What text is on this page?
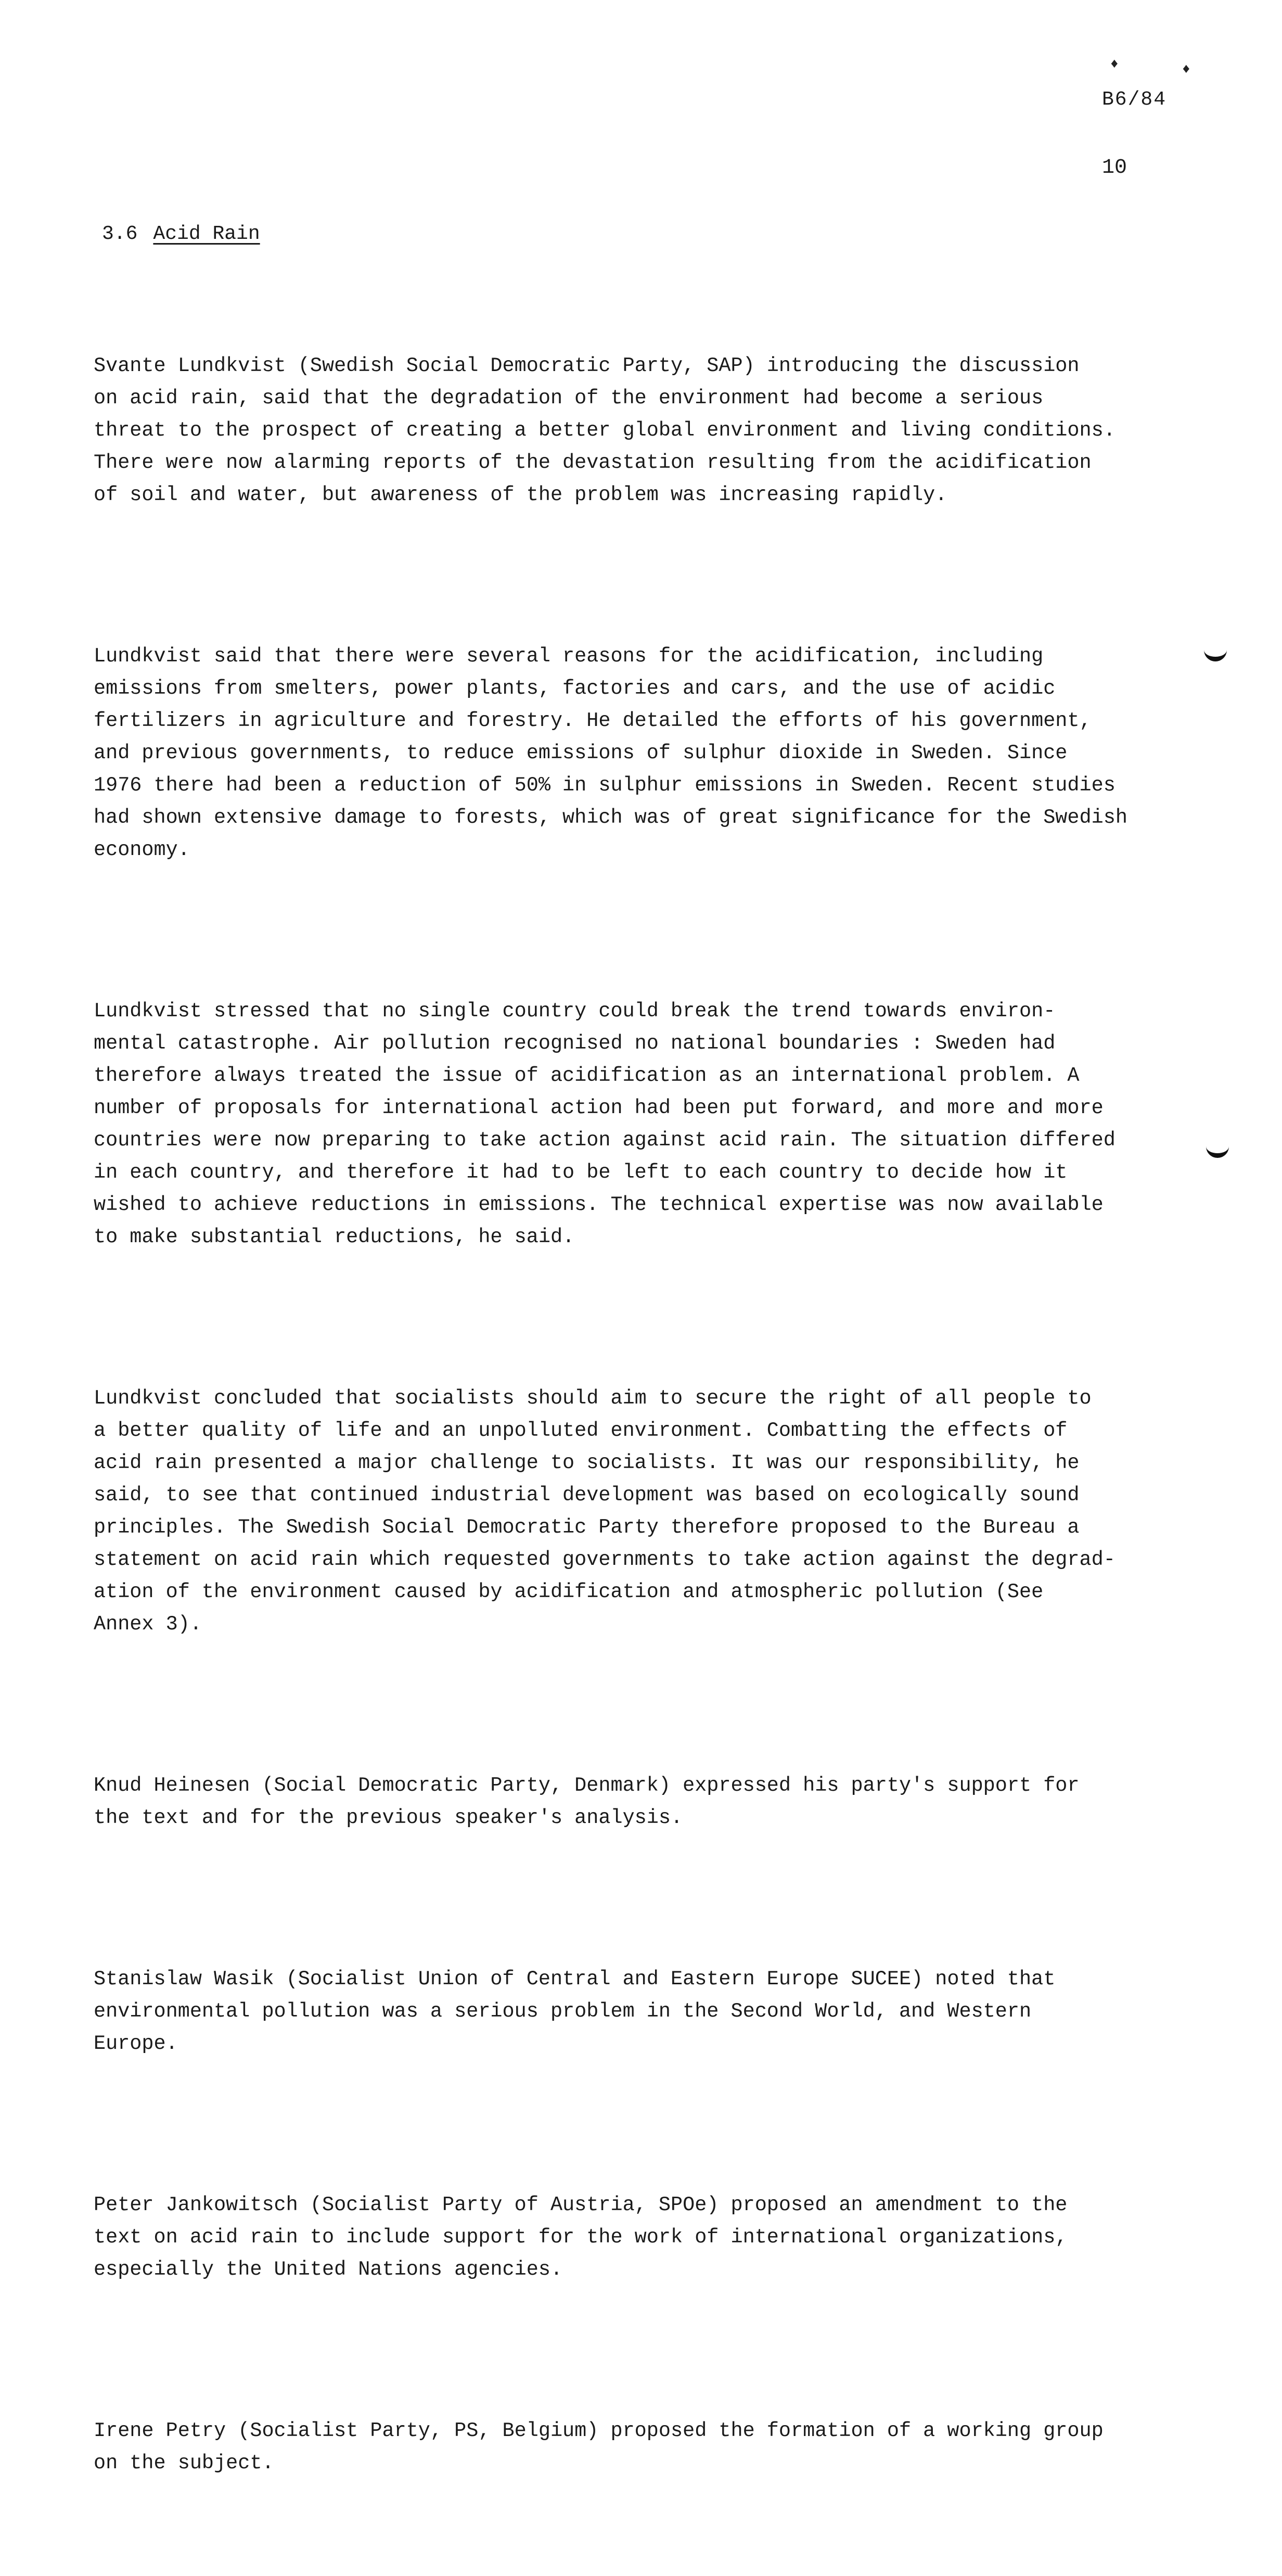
♦	♦
B6/84
10
3.6 Acid Rain

Svante Lundkvist (Swedish Social Democratic Party, SAP) introducing the discussion
on acid rain, said that the degradation of the environment had become a serious
threat to the prospect of creating a better global environment and living conditions.
There were now alarming reports of the devastation resulting from the acidification
of soil and water, but awareness of the problem was increasing rapidly.

Lundkvist said that there were several reasons for the acidification, including
emissions from smelters, power plants, factories and cars, and the use of acidic
fertilizers in agriculture and forestry. He detailed the efforts of his government,
and previous governments, to reduce emissions of sulphur dioxide in Sweden. Since
1976 there had been a reduction of 50% in sulphur emissions in Sweden. Recent studies
had shown extensive damage to forests, which was of great significance for the Swedish
economy.

Lundkvist stressed that no single country could break the trend towards environ-
mental catastrophe. Air pollution recognised no national boundaries : Sweden had
therefore always treated the issue of acidification as an international problem. A
number of proposals for international action had been put forward, and more and more
countries were now preparing to take action against acid rain. The situation differed
in each country, and therefore it had to be left to each country to decide how it
wished to achieve reductions in emissions. The technical expertise was now available
to make substantial reductions, he said.

Lundkvist concluded that socialists should aim to secure the right of all people to
a better quality of life and an unpolluted environment. Combatting the effects of
acid rain presented a major challenge to socialists. It was our responsibility, he
said, to see that continued industrial development was based on ecologically sound
principles. The Swedish Social Democratic Party therefore proposed to the Bureau a
statement on acid rain which requested governments to take action against the degrad-
ation of the environment caused by acidification and atmospheric pollution (See
Annex 3).

Knud Heinesen (Social Democratic Party, Denmark) expressed his party's support for
the text and for the previous speaker's analysis.

Stanislaw Wasik (Socialist Union of Central and Eastern Europe SUCEE) noted that
environmental pollution was a serious problem in the Second World, and Western
Europe.

Peter Jankowitsch (Socialist Party of Austria, SPOe) proposed an amendment to the
text on acid rain to include support for the work of international organizations,
especially the United Nations agencies.

Irene Petry (Socialist Party, PS, Belgium) proposed the formation of a working group
on the subject.
